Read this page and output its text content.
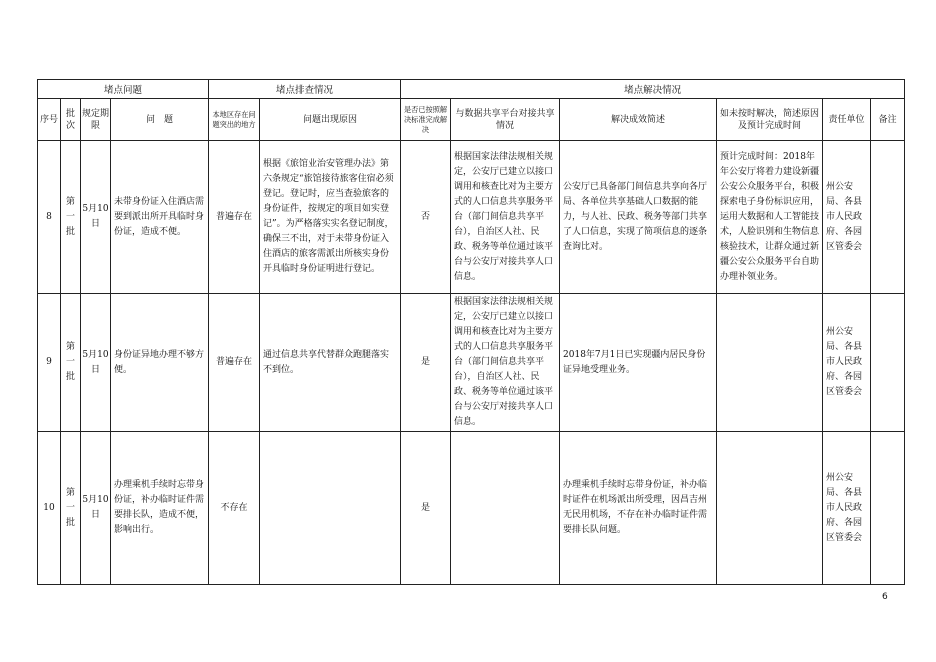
堵点问题				堵点排查情况		堵点解决情况					
序号	批次	规定期限	问　题	本地区存在问题突出的地方	问题出现原因	是否已按照解决标准完成解决	与数据共享平台对接共享情况	解决成效简述	如未按时解决，简述原因及预计完成时间	责任单位	备注
8	第一批	5月10日	未带身份证入住酒店需要到派出所开具临时身份证，造成不便。	普遍存在	根据《旅馆业治安管理办法》第六条规定“旅馆接待旅客住宿必须登记。登记时，应当查验旅客的身份证件，按规定的项目如实登记”。为严格落实实名登记制度，确保三不出，对于未带身份证入住酒店的旅客需派出所核实身份开具临时身份证明进行登记。	否	根据国家法律法规相关规定，公安厅已建立以接口调用和核查比对为主要方式的人口信息共享服务平台（部门间信息共享平台），自治区人社、民政、税务等单位通过该平台与公安厅对接共享人口信息。	公安厅已具备部门间信息共享向各厅局、各单位共享基础人口数据的能力，与人社、民政、税务等部门共享了人口信息，实现了简项信息的逐条查询比对。	预计完成时间：2018年年公安厅将着力建设新疆公安公众服务平台，积极探索电子身份标识应用，运用大数据和人工智能技术，人脸识别和生物信息核验技术，让群众通过新疆公安公众服务平台自助办理补领业务。	州公安局、各县市人民政府、各园区管委会	
9	第一批	5月10日	身份证异地办理不够方便。	普遍存在	通过信息共享代替群众跑腿落实不到位。	是	根据国家法律法规相关规定，公安厅已建立以接口调用和核查比对为主要方式的人口信息共享服务平台（部门间信息共享平台），自治区人社、民政、税务等单位通过该平台与公安厅对接共享人口信息。	2018年7月1日已实现疆内居民身份证异地受理业务。		州公安局、各县市人民政府、各园区管委会	
10	第一批	5月10日	办理乘机手续时忘带身份证，补办临时证件需要排长队，造成不便，影响出行。	不存在		是		办理乘机手续时忘带身份证，补办临时证件在机场派出所受理，因昌吉州无民用机场，不存在补办临时证件需要排长队问题。		州公安局、各县市人民政府、各园区管委会	
6
